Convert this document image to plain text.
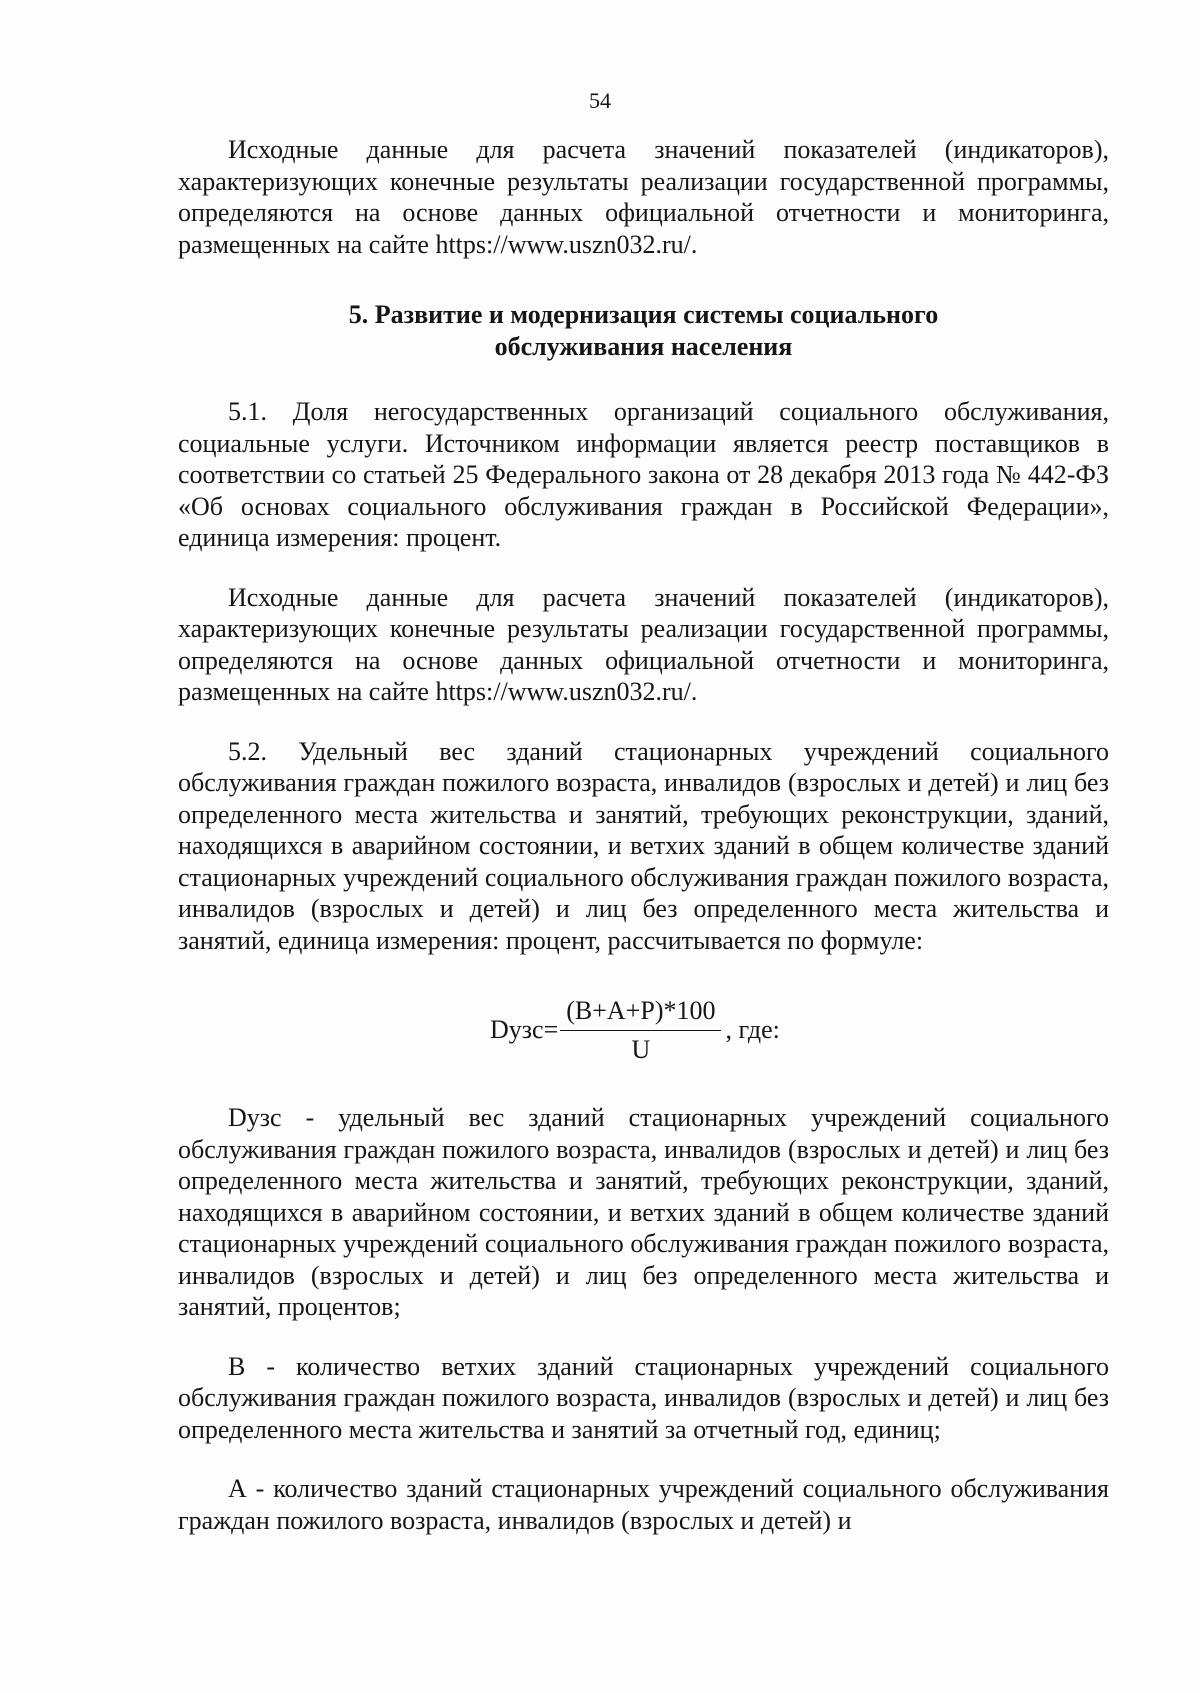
54

Исходные данные для расчета значений показателей (индикаторов), характеризующих конечные результаты реализации государственной программы, определяются на основе данных официальной отчетности и мониторинга, размещенных на сайте https://www.uszn032.ru/.

5. Развитие и модернизация системы социального
обслуживания населения

5.1. Доля негосударственных организаций социального обслуживания, социальные услуги. Источником информации является реестр поставщиков в соответствии со статьей 25 Федерального закона от 28 декабря 2013 года № 442-ФЗ «Об основах социального обслуживания граждан в Российской Федерации», единица измерения: процент.

Исходные данные для расчета значений показателей (индикаторов), характеризующих конечные результаты реализации государственной программы, определяются на основе данных официальной отчетности и мониторинга, размещенных на сайте https://www.uszn032.ru/.

5.2. Удельный вес зданий стационарных учреждений социального обслуживания граждан пожилого возраста, инвалидов (взрослых и детей) и лиц без определенного места жительства и занятий, требующих реконструкции, зданий, находящихся в аварийном состоянии, и ветхих зданий в общем количестве зданий стационарных учреждений социального обслуживания граждан пожилого возраста, инвалидов (взрослых и детей) и лиц без определенного места жительства и занятий, единица измерения: процент, рассчитывается по формуле:

Dузс= $\frac{(В+А+Р)*100}{U}$ , где:

Dузс - удельный вес зданий стационарных учреждений социального обслуживания граждан пожилого возраста, инвалидов (взрослых и детей) и лиц без определенного места жительства и занятий, требующих реконструкции, зданий, находящихся в аварийном состоянии, и ветхих зданий в общем количестве зданий стационарных учреждений социального обслуживания граждан пожилого возраста, инвалидов (взрослых и детей) и лиц без определенного места жительства и занятий, процентов;

В - количество ветхих зданий стационарных учреждений социального обслуживания граждан пожилого возраста, инвалидов (взрослых и детей) и лиц без определенного места жительства и занятий за отчетный год, единиц;

А - количество зданий стационарных учреждений социального обслуживания граждан пожилого возраста, инвалидов (взрослых и детей) и
